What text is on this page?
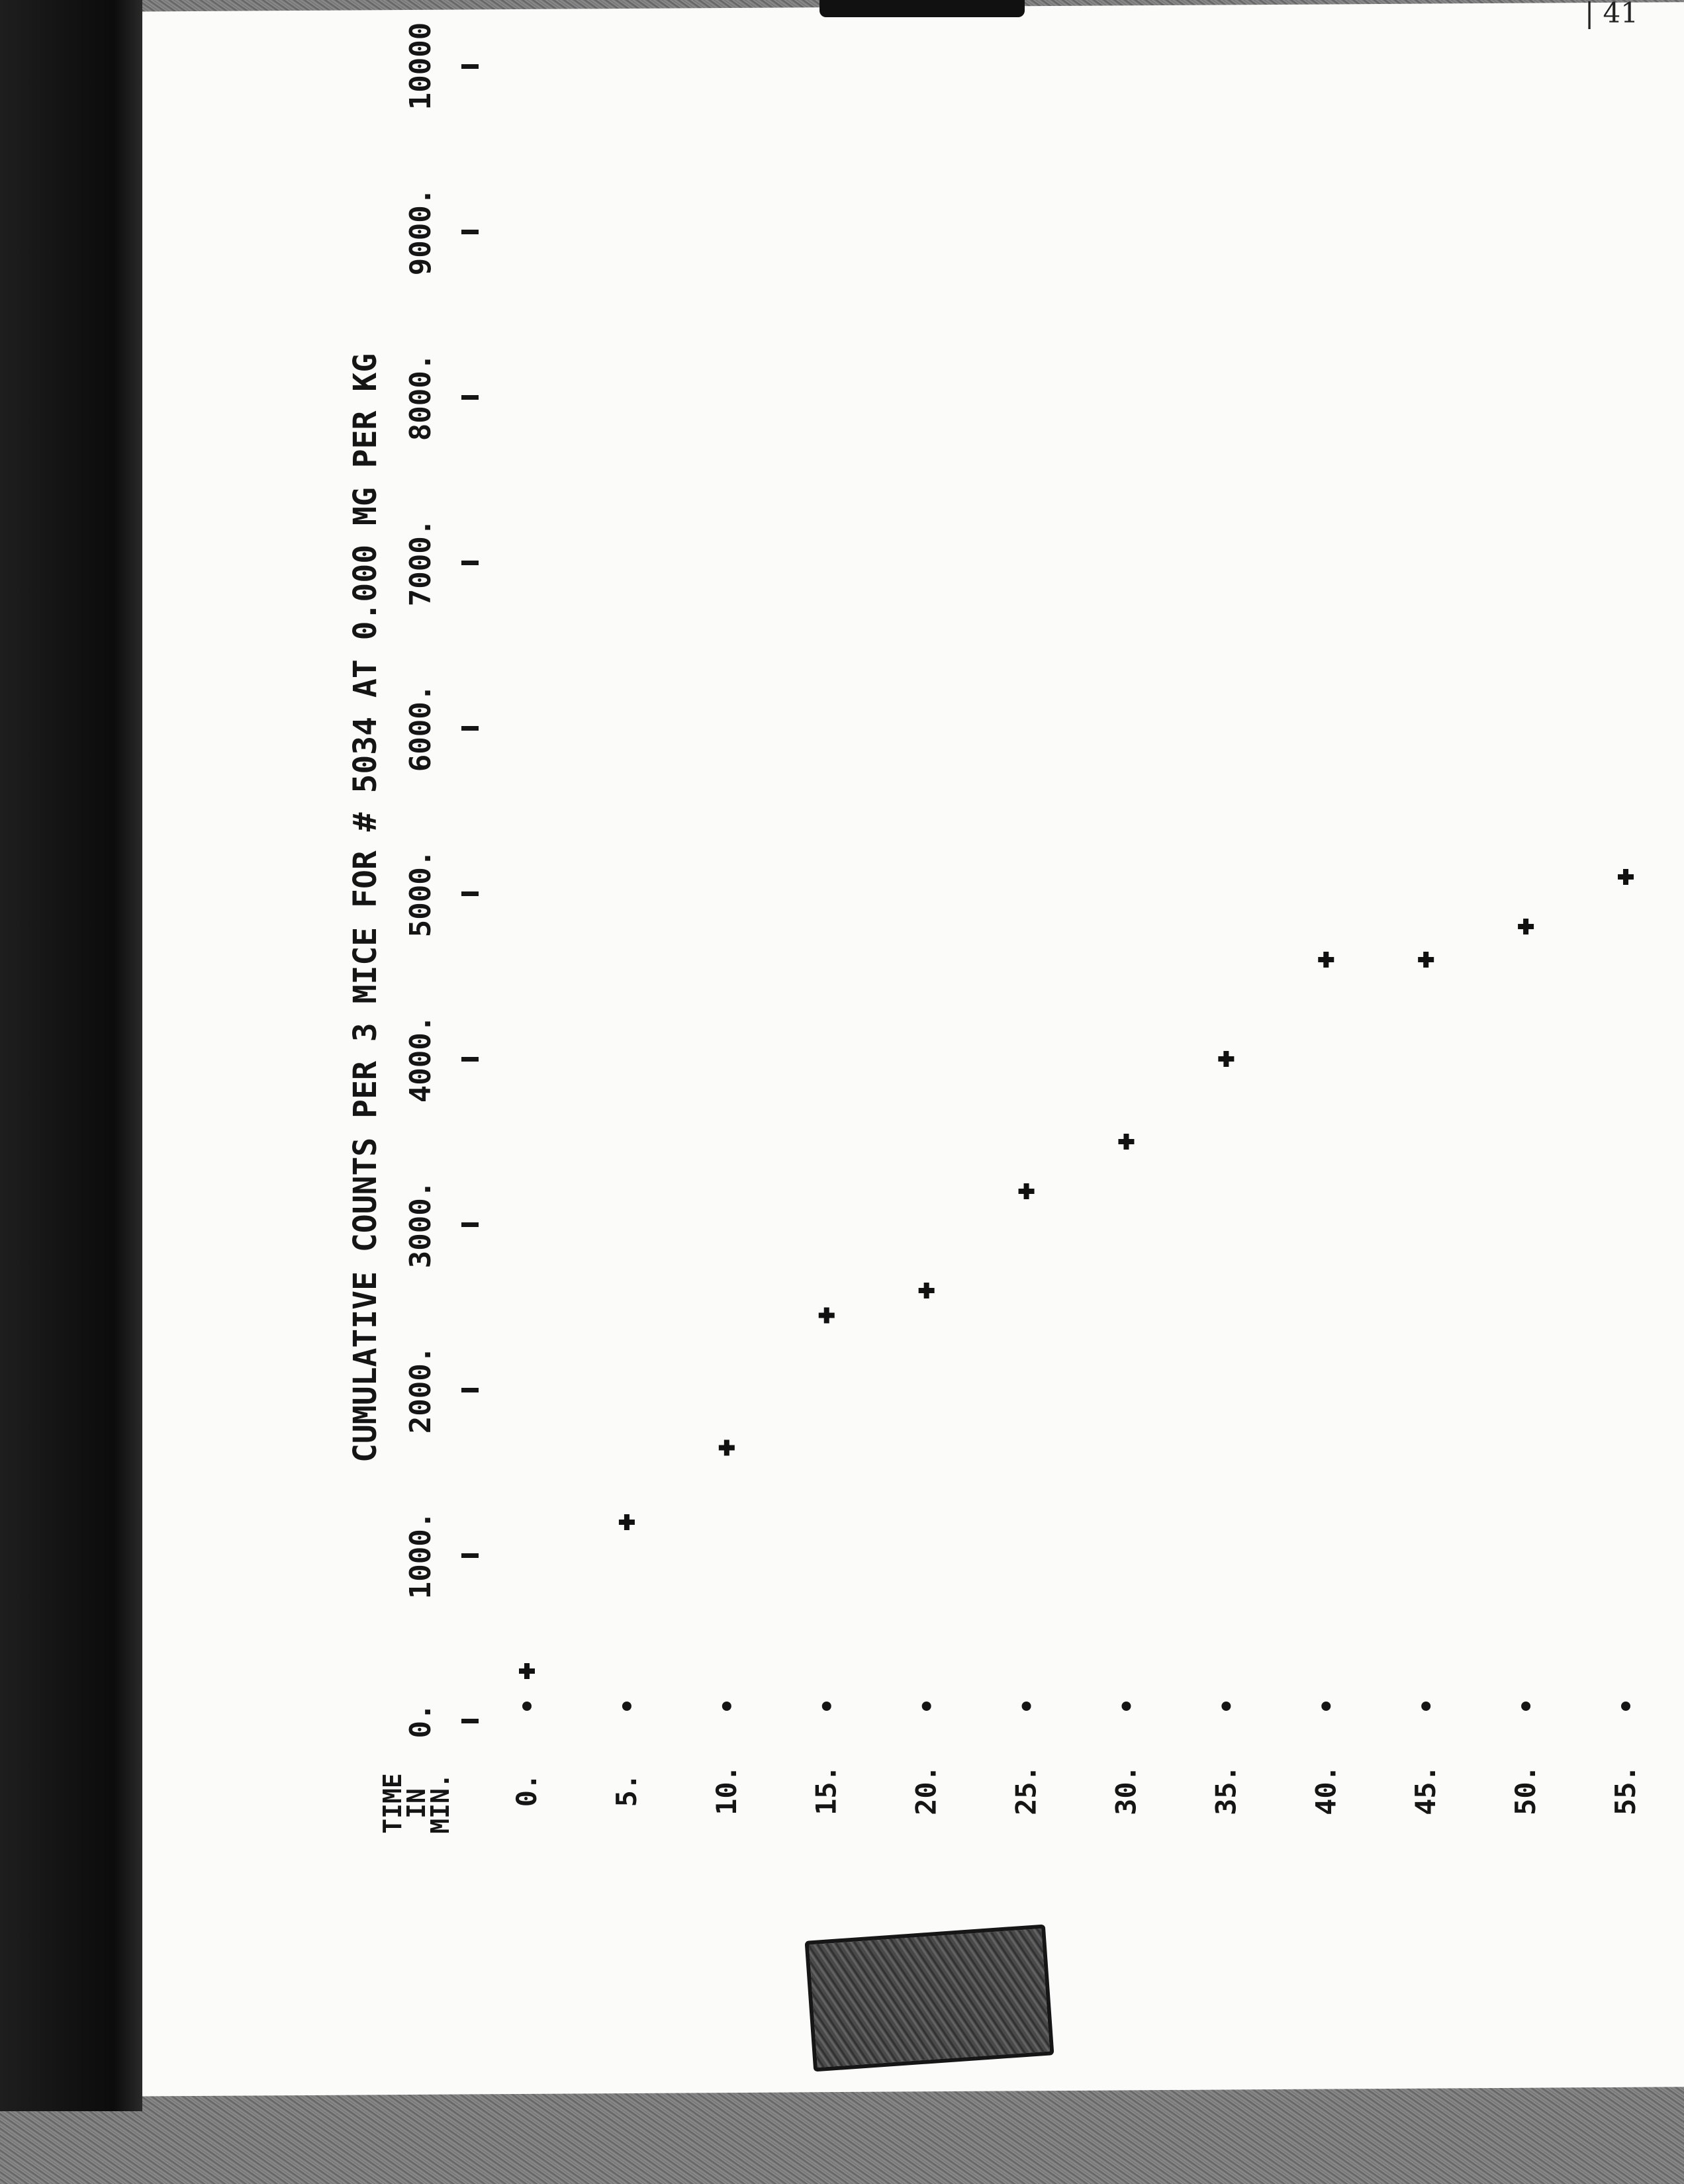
CUMULATIVE COUNTS PER 3 MICE FOR # 5034 AT 0.000 MG PER KG
0.
1000.
2000.
3000.
4000.
5000.
6000.
7000.
8000.
9000.
10000
TIME
IN
MIN. 0. 5. 10. 15. 20. 25. 30. 35. 40. 45. 50. 55.
| 41
